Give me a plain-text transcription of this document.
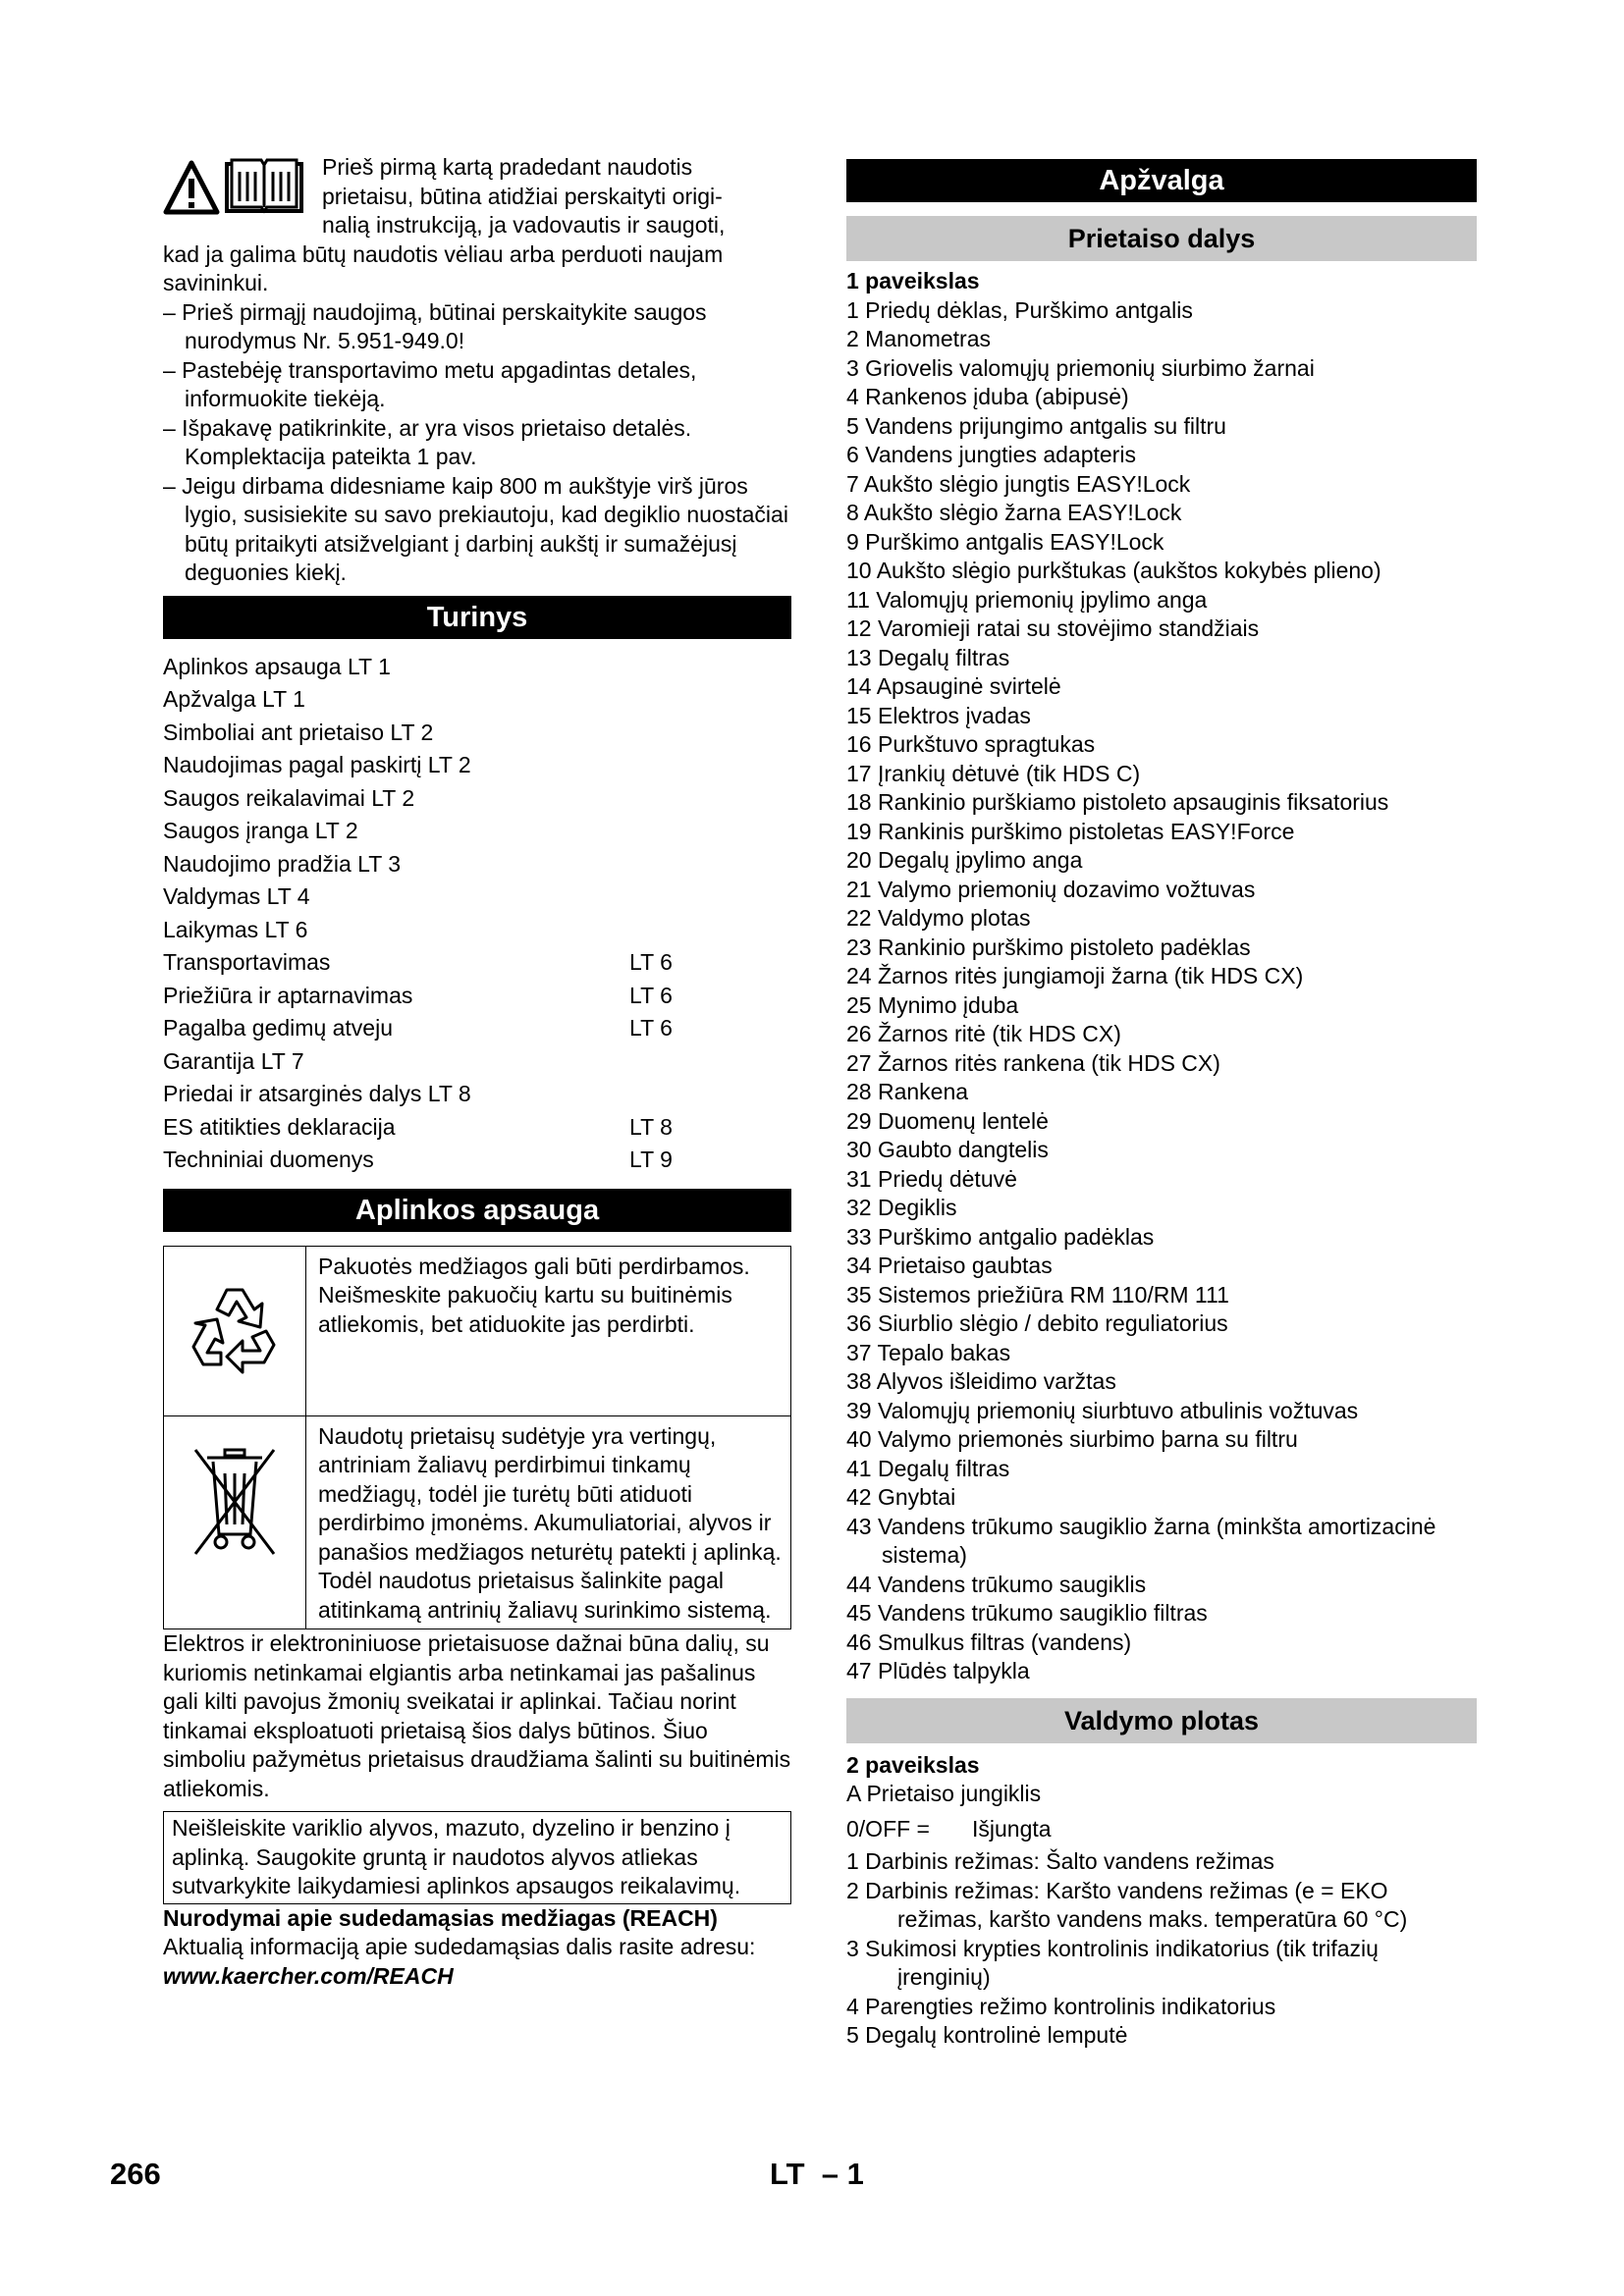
Prieš pirmą kartą pradedant naudotis
prietaisu, būtina atidžiai perskaityti origi-
nalią instrukciją, ja vadovautis ir saugoti,
kad ja galima būtų naudotis vėliau arba perduoti naujam savininkui.
– Prieš pirmąjį naudojimą, būtinai perskaitykite saugos nurodymus Nr. 5.951-949.0!
– Pastebėję transportavimo metu apgadintas detales, informuokite tiekėją.
– Išpakavę patikrinkite, ar yra visos prietaiso detalės. Komplektacija pateikta 1 pav.
– Jeigu dirbama didesniame kaip 800 m aukštyje virš jūros lygio, susisiekite su savo prekiautoju, kad degiklio nuostačiai būtų pritaikyti atsižvelgiant į darbinį aukštį ir sumažėjusį deguonies kiekį.
Turinys
Aplinkos apsauga LT 1
Apžvalga LT 1
Simboliai ant prietaiso LT 2
Naudojimas pagal paskirtį LT 2
Saugos reikalavimai LT 2
Saugos įranga LT 2
Naudojimo pradžia LT 3
Valdymas LT 4
Laikymas LT 6
Transportavimas	LT 6
Priežiūra ir aptarnavimas	LT 6
Pagalba gedimų atveju	LT 6
Garantija LT 7
Priedai ir atsarginės dalys LT 8
ES atitikties deklaracija	LT 8
Techniniai duomenys	LT 9
Aplinkos apsauga
	Pakuotės medžiagos gali būti perdirbamos. Neišmeskite pakuočių kartu su buitinėmis atliekomis, bet atiduokite jas perdirbti.
	Naudotų prietaisų sudėtyje yra vertingų, antriniam žaliavų perdirbimui tinkamų medžiagų, todėl jie turėtų būti atiduoti perdirbimo įmonėms. Akumuliatoriai, alyvos ir panašios medžiagos neturėtų patekti į aplinką. Todėl naudotus prietaisus šalinkite pagal atitinkamą antrinių žaliavų surinkimo sistemą.
Elektros ir elektroniniuose prietaisuose dažnai būna dalių, su kuriomis netinkamai elgiantis arba netinkamai jas pašalinus gali kilti pavojus žmonių sveikatai ir aplinkai. Tačiau norint tinkamai eksploatuoti prietaisą šios dalys būtinos. Šiuo simboliu pažymėtus prietaisus draudžiama šalinti su buitinėmis atliekomis.
Neišleiskite variklio alyvos, mazuto, dyzelino ir benzino į aplinką. Saugokite gruntą ir naudotos alyvos atliekas sutvarkykite laikydamiesi aplinkos apsaugos reikalavimų.
Nurodymai apie sudedamąsias medžiagas (REACH)
Aktualią informaciją apie sudedamąsias dalis rasite adresu:
www.kaercher.com/REACH
Apžvalga
Prietaiso dalys
1 paveikslas
1 Priedų dėklas, Purškimo antgalis
2 Manometras
3 Griovelis valomųjų priemonių siurbimo žarnai
4 Rankenos įduba (abipusė)
5 Vandens prijungimo antgalis su filtru
6 Vandens jungties adapteris
7 Aukšto slėgio jungtis EASY!Lock
8 Aukšto slėgio žarna EASY!Lock
9 Purškimo antgalis EASY!Lock
10 Aukšto slėgio purkštukas (aukštos kokybės plieno)
11 Valomųjų priemonių įpylimo anga
12 Varomieji ratai su stovėjimo standžiais
13 Degalų filtras
14 Apsauginė svirtelė
15 Elektros įvadas
16 Purkštuvo spragtukas
17 Įrankių dėtuvė (tik HDS C)
18 Rankinio purškiamo pistoleto apsauginis fiksatorius
19 Rankinis purškimo pistoletas EASY!Force
20 Degalų įpylimo anga
21 Valymo priemonių dozavimo vožtuvas
22 Valdymo plotas
23 Rankinio purškimo pistoleto padėklas
24 Žarnos ritės jungiamoji žarna (tik HDS CX)
25 Mynimo įduba
26 Žarnos ritė (tik HDS CX)
27 Žarnos ritės rankena (tik HDS CX)
28 Rankena
29 Duomenų lentelė
30 Gaubto dangtelis
31 Priedų dėtuvė
32 Degiklis
33 Purškimo antgalio padėklas
34 Prietaiso gaubtas
35 Sistemos priežiūra RM 110/RM 111
36 Siurblio slėgio / debito reguliatorius
37 Tepalo bakas
38 Alyvos išleidimo varžtas
39 Valomųjų priemonių siurbtuvo atbulinis vožtuvas
40 Valymo priemonės siurbimo þarna su filtru
41 Degalų filtras
42 Gnybtai
43 Vandens trūkumo saugiklio žarna (minkšta amortizacinė sistema)
44 Vandens trūkumo saugiklis
45 Vandens trūkumo saugiklio filtras
46 Smulkus filtras (vandens)
47 Plūdės talpykla
Valdymo plotas
2 paveikslas
A Prietaiso jungiklis
0/OFF =	Išjungta
1 Darbinis režimas: Šalto vandens režimas
2 Darbinis režimas: Karšto vandens režimas (e = EKO režimas, karšto vandens maks. temperatūra 60 °C)
3 Sukimosi krypties kontrolinis indikatorius (tik trifazių įrenginių)
4 Parengties režimo kontrolinis indikatorius
5 Degalų kontrolinė lemputė
266	LT  – 1
